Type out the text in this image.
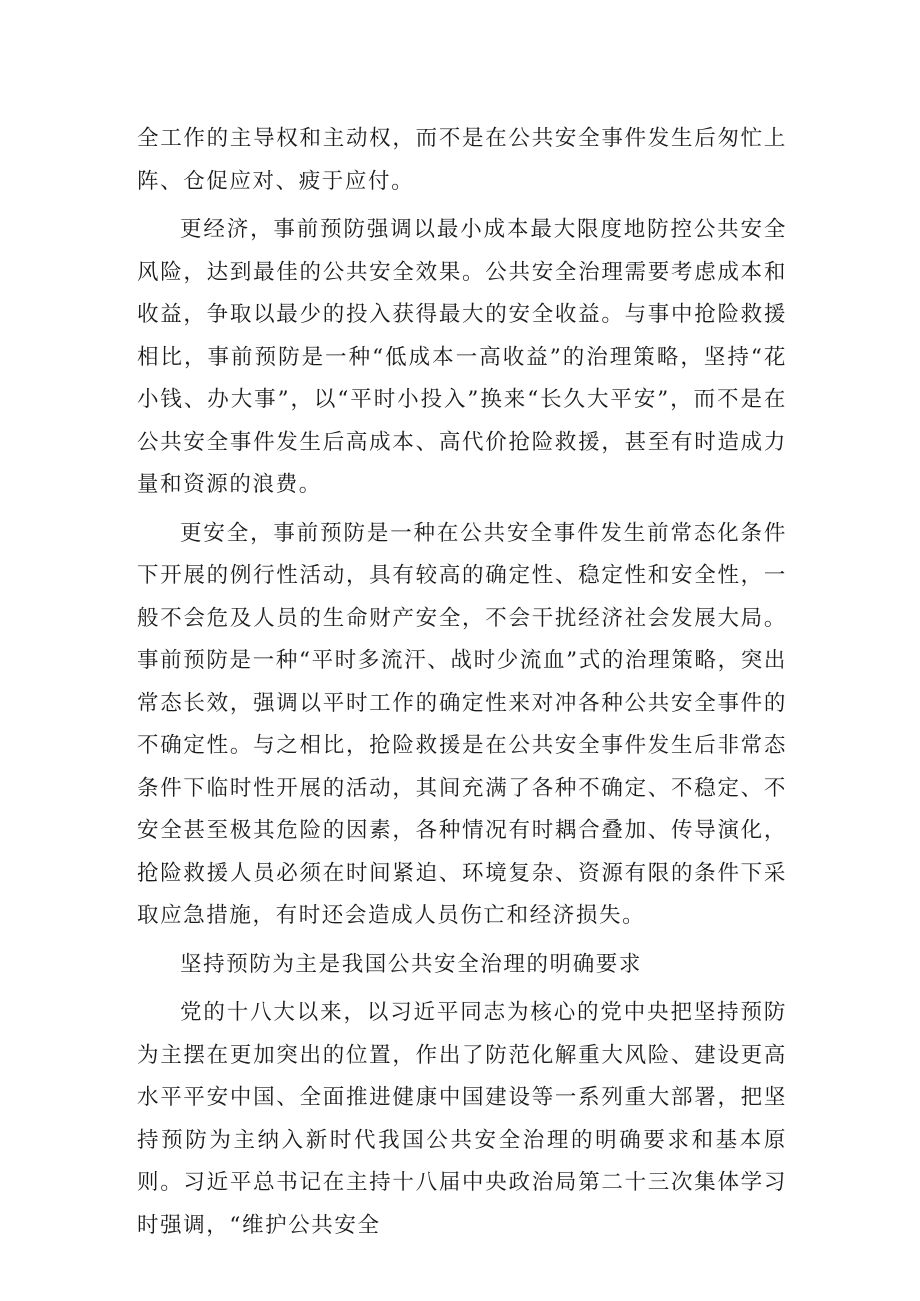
全工作的主导权和主动权，而不是在公共安全事件发生后匆忙上阵、仓促应对、疲于应付。

更经济，事前预防强调以最小成本最大限度地防控公共安全风险，达到最佳的公共安全效果。公共安全治理需要考虑成本和收益，争取以最少的投入获得最大的安全收益。与事中抢险救援相比，事前预防是一种“低成本一高收益”的治理策略，坚持“花小钱、办大事”，以“平时小投入”换来“长久大平安”，而不是在公共安全事件发生后高成本、高代价抢险救援，甚至有时造成力量和资源的浪费。

更安全，事前预防是一种在公共安全事件发生前常态化条件下开展的例行性活动，具有较高的确定性、稳定性和安全性，一般不会危及人员的生命财产安全，不会干扰经济社会发展大局。事前预防是一种“平时多流汗、战时少流血”式的治理策略，突出常态长效，强调以平时工作的确定性来对冲各种公共安全事件的不确定性。与之相比，抢险救援是在公共安全事件发生后非常态条件下临时性开展的活动，其间充满了各种不确定、不稳定、不安全甚至极其危险的因素，各种情况有时耦合叠加、传导演化，抢险救援人员必须在时间紧迫、环境复杂、资源有限的条件下采取应急措施，有时还会造成人员伤亡和经济损失。

坚持预防为主是我国公共安全治理的明确要求

党的十八大以来，以习近平同志为核心的党中央把坚持预防为主摆在更加突出的位置，作出了防范化解重大风险、建设更高水平平安中国、全面推进健康中国建设等一系列重大部署，把坚持预防为主纳入新时代我国公共安全治理的明确要求和基本原则。习近平总书记在主持十八届中央政治局第二十三次集体学习时强调，“维护公共安全
